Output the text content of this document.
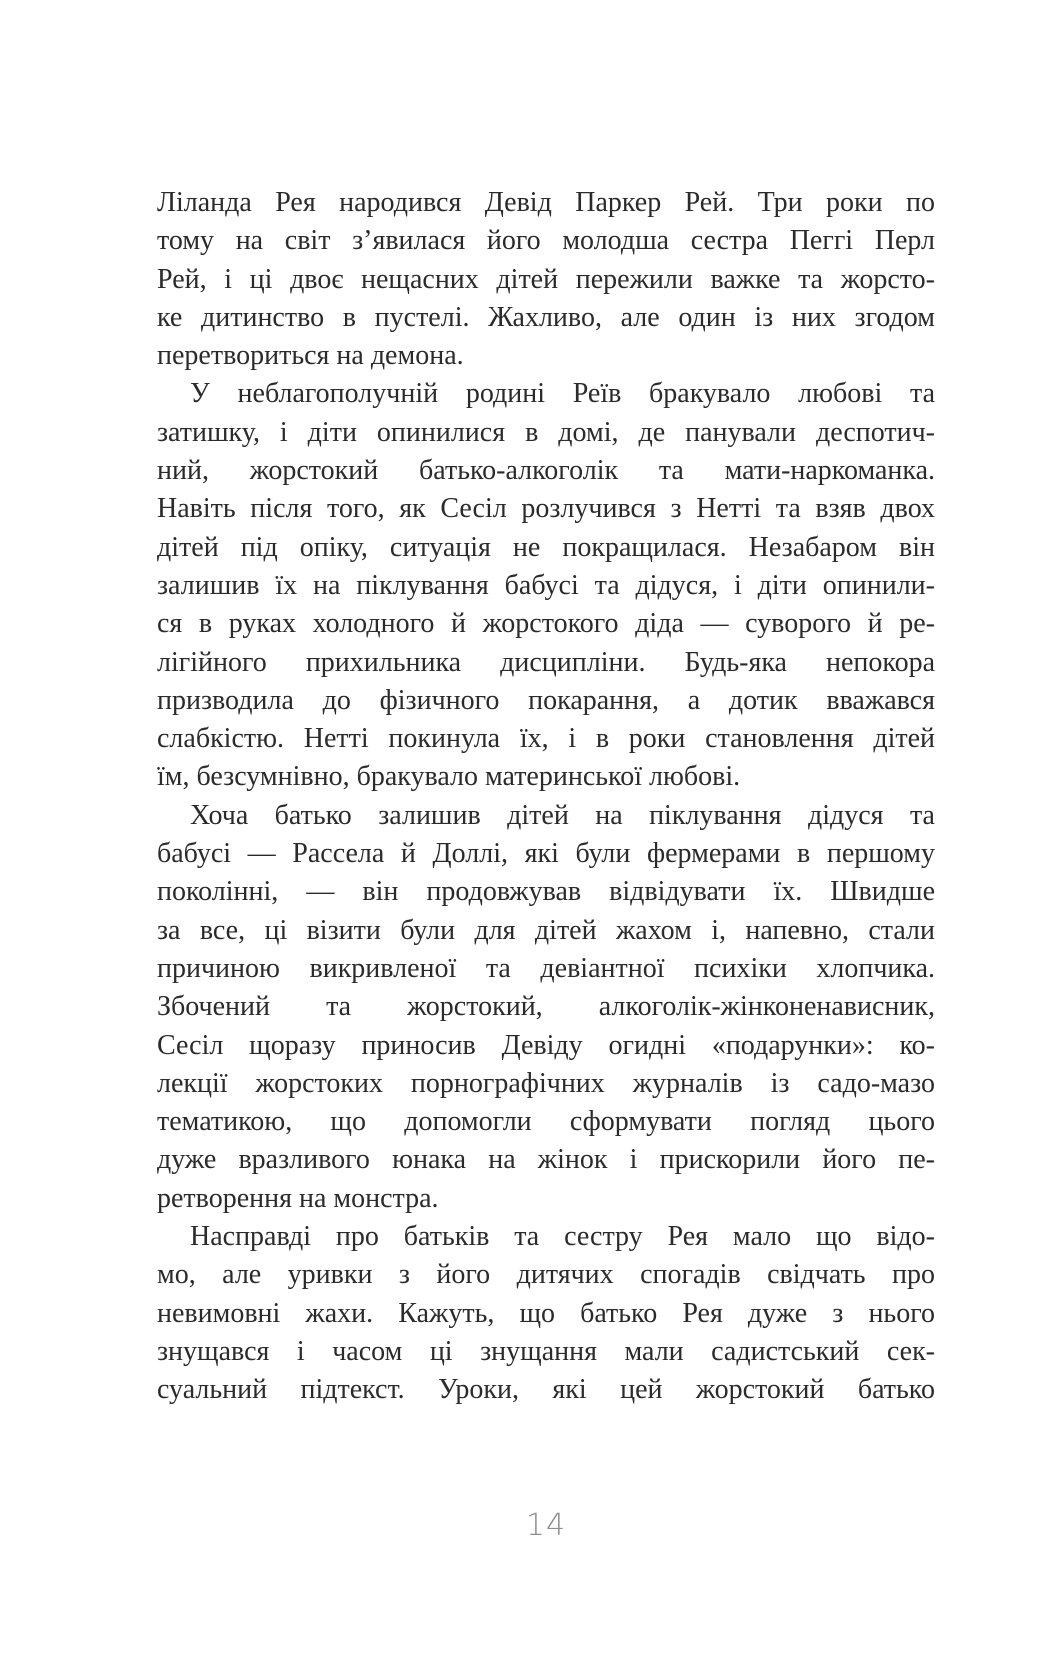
Ліланда Рея народився Девід Паркер Рей. Три роки по
тому на світ з’явилася його молодша сестра Пеггі Перл
Рей, і ці двоє нещасних дітей пережили важке та жорсто-
ке дитинство в пустелі. Жахливо, але один із них згодом
перетвориться на демона.
У неблагополучній родині Реїв бракувало любові та
затишку, і діти опинилися в домі, де панували деспотич-
ний, жорстокий батько-алкоголік та мати-наркоманка.
Навіть після того, як Сесіл розлучився з Нетті та взяв двох
дітей під опіку, ситуація не покращилася. Незабаром він
залишив їх на піклування бабусі та дідуся, і діти опинили-
ся в руках холодного й жорстокого діда — суворого й ре-
лігійного прихильника дисципліни. Будь-яка непокора
призводила до фізичного покарання, а дотик вважався
слабкістю. Нетті покинула їх, і в роки становлення дітей
їм, безсумнівно, бракувало материнської любові.
Хоча батько залишив дітей на піклування дідуся та
бабусі — Рассела й Доллі, які були фермерами в першому
поколінні, — він продовжував відвідувати їх. Швидше
за все, ці візити були для дітей жахом і, напевно, стали
причиною викривленої та девіантної психіки хлопчика.
Збочений та жорстокий, алкоголік-жінконенависник,
Сесіл щоразу приносив Девіду огидні «подарунки»: ко-
лекції жорстоких порнографічних журналів із садо-мазо
тематикою, що допомогли сформувати погляд цього
дуже вразливого юнака на жінок і прискорили його пе-
ретворення на монстра.
Насправді про батьків та сестру Рея мало що відо-
мо, але уривки з його дитячих спогадів свідчать про
невимовні жахи. Кажуть, що батько Рея дуже з нього
знущався і часом ці знущання мали садистський сек-
суальний підтекст. Уроки, які цей жорстокий батько
14
